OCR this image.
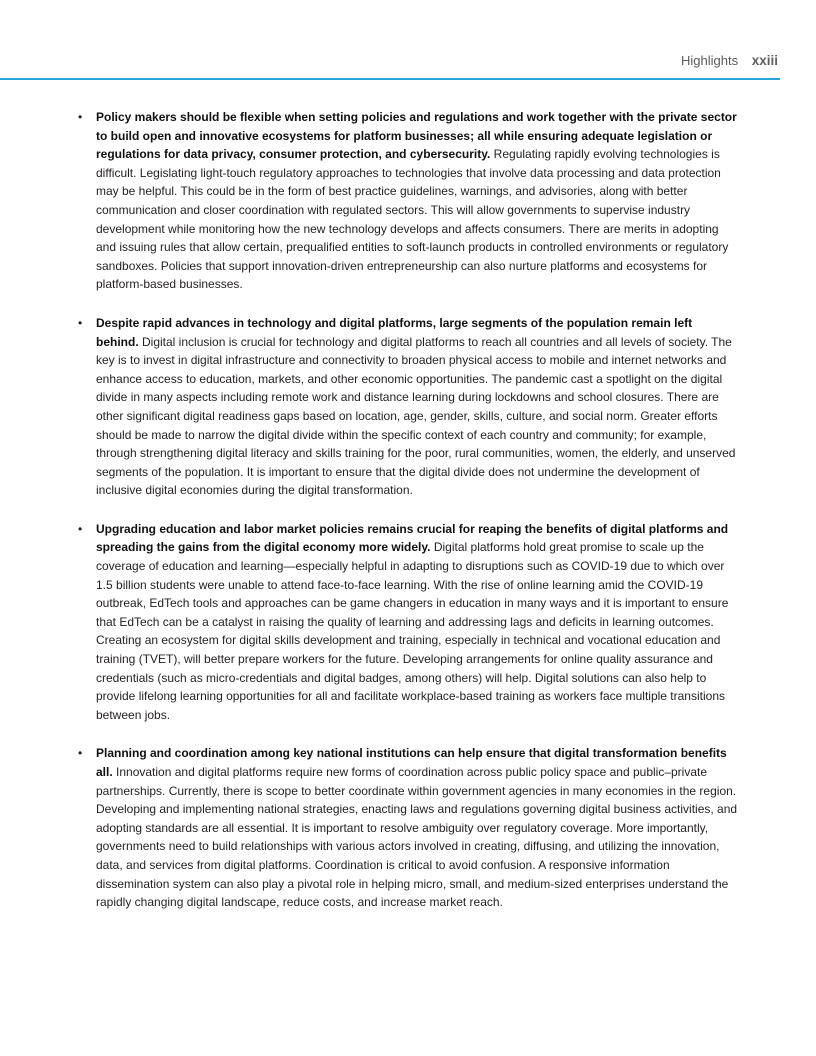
Highlights xxiii
• Policy makers should be flexible when setting policies and regulations and work together with the private sector to build open and innovative ecosystems for platform businesses; all while ensuring adequate legislation or regulations for data privacy, consumer protection, and cybersecurity. Regulating rapidly evolving technologies is difficult. Legislating light-touch regulatory approaches to technologies that involve data processing and data protection may be helpful. This could be in the form of best practice guidelines, warnings, and advisories, along with better communication and closer coordination with regulated sectors. This will allow governments to supervise industry development while monitoring how the new technology develops and affects consumers. There are merits in adopting and issuing rules that allow certain, prequalified entities to soft-launch products in controlled environments or regulatory sandboxes. Policies that support innovation-driven entrepreneurship can also nurture platforms and ecosystems for platform-based businesses.
• Despite rapid advances in technology and digital platforms, large segments of the population remain left behind. Digital inclusion is crucial for technology and digital platforms to reach all countries and all levels of society. The key is to invest in digital infrastructure and connectivity to broaden physical access to mobile and internet networks and enhance access to education, markets, and other economic opportunities. The pandemic cast a spotlight on the digital divide in many aspects including remote work and distance learning during lockdowns and school closures. There are other significant digital readiness gaps based on location, age, gender, skills, culture, and social norm. Greater efforts should be made to narrow the digital divide within the specific context of each country and community; for example, through strengthening digital literacy and skills training for the poor, rural communities, women, the elderly, and unserved segments of the population. It is important to ensure that the digital divide does not undermine the development of inclusive digital economies during the digital transformation.
• Upgrading education and labor market policies remains crucial for reaping the benefits of digital platforms and spreading the gains from the digital economy more widely. Digital platforms hold great promise to scale up the coverage of education and learning—especially helpful in adapting to disruptions such as COVID-19 due to which over 1.5 billion students were unable to attend face-to-face learning. With the rise of online learning amid the COVID-19 outbreak, EdTech tools and approaches can be game changers in education in many ways and it is important to ensure that EdTech can be a catalyst in raising the quality of learning and addressing lags and deficits in learning outcomes. Creating an ecosystem for digital skills development and training, especially in technical and vocational education and training (TVET), will better prepare workers for the future. Developing arrangements for online quality assurance and credentials (such as micro-credentials and digital badges, among others) will help. Digital solutions can also help to provide lifelong learning opportunities for all and facilitate workplace-based training as workers face multiple transitions between jobs.
• Planning and coordination among key national institutions can help ensure that digital transformation benefits all. Innovation and digital platforms require new forms of coordination across public policy space and public–private partnerships. Currently, there is scope to better coordinate within government agencies in many economies in the region. Developing and implementing national strategies, enacting laws and regulations governing digital business activities, and adopting standards are all essential. It is important to resolve ambiguity over regulatory coverage. More importantly, governments need to build relationships with various actors involved in creating, diffusing, and utilizing the innovation, data, and services from digital platforms. Coordination is critical to avoid confusion. A responsive information dissemination system can also play a pivotal role in helping micro, small, and medium-sized enterprises understand the rapidly changing digital landscape, reduce costs, and increase market reach.
